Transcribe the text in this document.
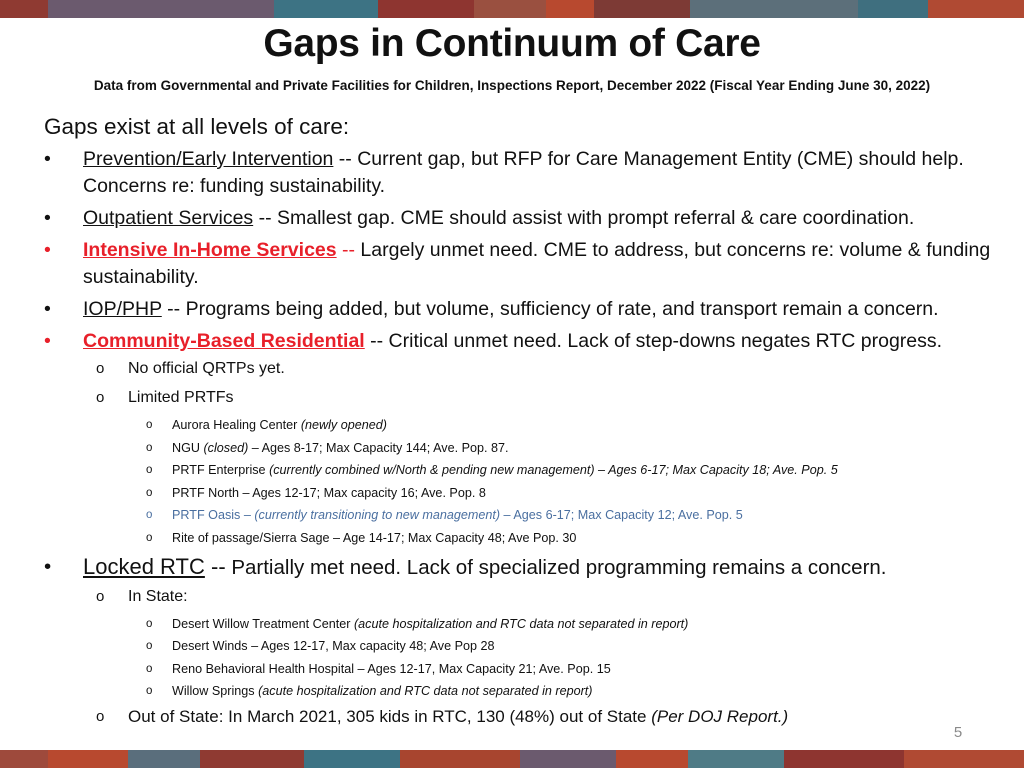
Gaps in Continuum of Care
Data from Governmental and Private Facilities for Children, Inspections Report, December 2022 (Fiscal Year Ending June 30, 2022)
Gaps exist at all levels of care:
•	Prevention/Early Intervention -- Current gap, but RFP for Care Management Entity (CME) should help. Concerns re: funding sustainability.
•	Outpatient Services -- Smallest gap. CME should assist with prompt referral & care coordination.
•	Intensive In-Home Services -- Largely unmet need. CME to address, but concerns re: volume & funding sustainability.
•	IOP/PHP -- Programs being added, but volume, sufficiency of rate, and transport remain a concern.
•	Community-Based Residential -- Critical unmet need. Lack of step-downs negates RTC progress.
o No official QRTPs yet.
o Limited PRTFs
o Aurora Healing Center (newly opened)
o NGU (closed) – Ages 8-17; Max Capacity 144; Ave. Pop. 87.
o PRTF Enterprise (currently combined w/North & pending new management) – Ages 6-17; Max Capacity 18; Ave. Pop. 5
o PRTF North – Ages 12-17; Max capacity 16; Ave. Pop. 8
o PRTF Oasis – (currently transitioning to new management) – Ages 6-17; Max Capacity 12; Ave. Pop. 5
o Rite of passage/Sierra Sage – Age 14-17; Max Capacity 48; Ave Pop. 30
•	Locked RTC -- Partially met need. Lack of specialized programming remains a concern.
o In State:
o Desert Willow Treatment Center (acute hospitalization and RTC data not separated in report)
o Desert Winds – Ages 12-17, Max capacity 48; Ave Pop 28
o Reno Behavioral Health Hospital – Ages 12-17, Max Capacity 21; Ave. Pop. 15
o Willow Springs (acute hospitalization and RTC data not separated in report)
o Out of State: In March 2021, 305 kids in RTC, 130 (48%) out of State (Per DOJ Report.)
5
